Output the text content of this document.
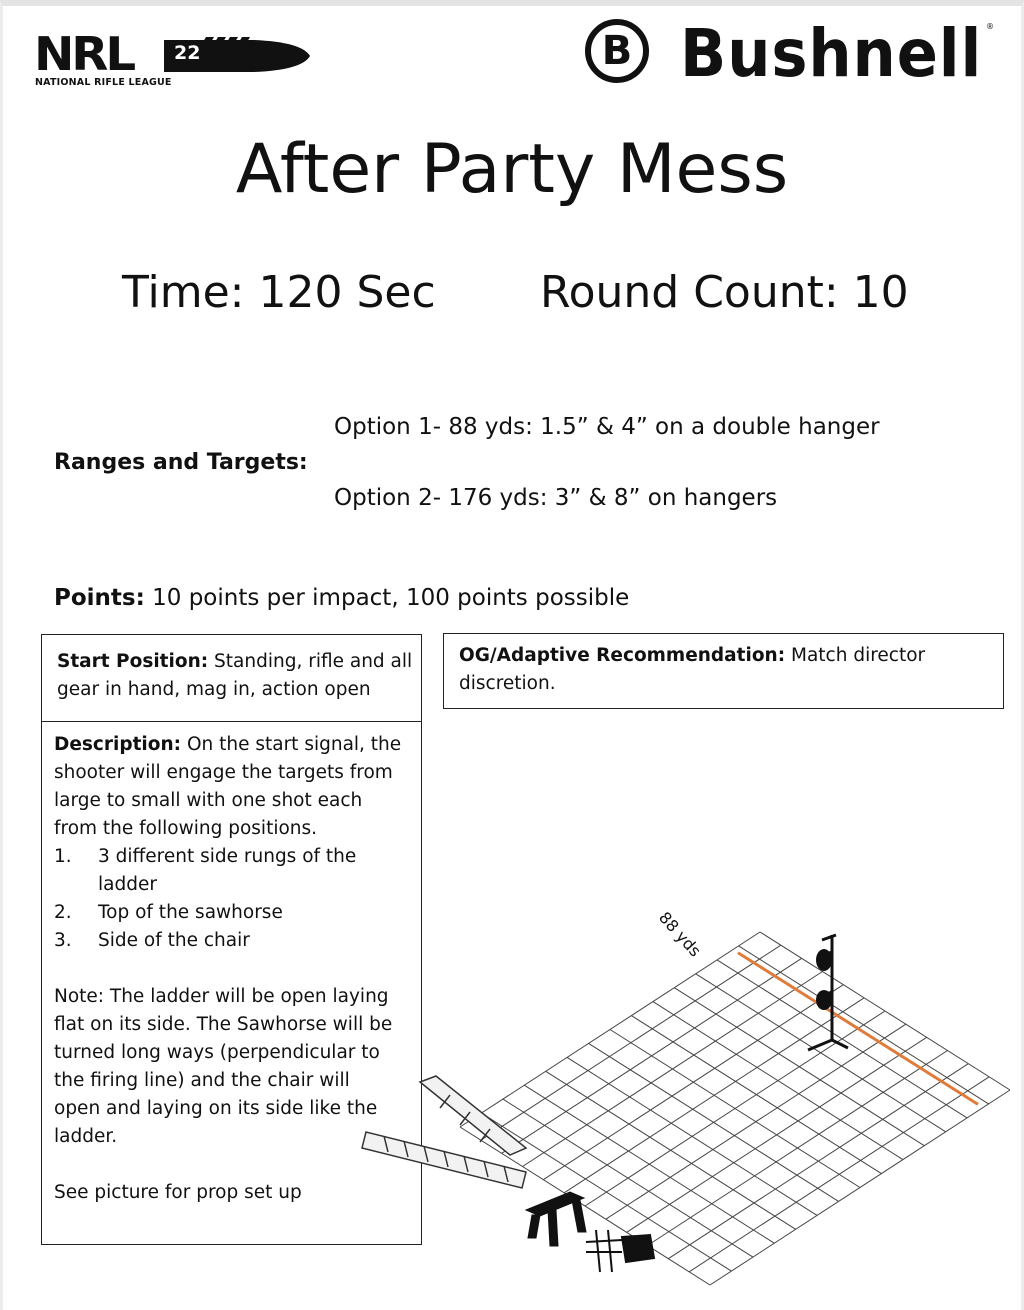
NRL 22
NATIONAL RIFLE LEAGUE
B Bushnell ®
After Party Mess
Time: 120 Sec Round Count: 10
Option 1- 88 yds: 1.5” & 4” on a double hanger
Ranges and Targets:
Option 2- 176 yds: 3” & 8” on hangers
Points: 10 points per impact, 100 points possible
Start Position: Standing, rifle and all gear in hand, mag in, action open
OG/Adaptive Recommendation: Match director discretion.
Description: On the start signal, the
shooter will engage the targets from
large to small with one shot each
from the following positions.
1.	3 different side rungs of the
ladder
2.	Top of the sawhorse
3.	Side of the chair
Note: The ladder will be open laying
flat on its side. The Sawhorse will be
turned long ways (perpendicular to
the firing line) and the chair will
open and laying on its side like the
ladder.
See picture for prop set up
88 yds
